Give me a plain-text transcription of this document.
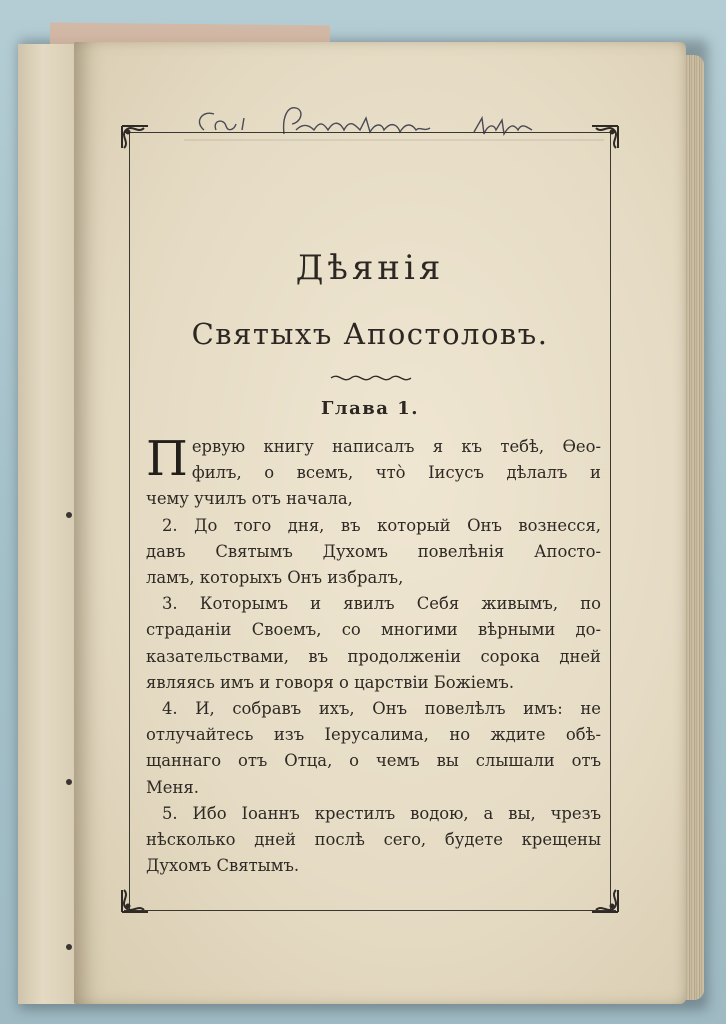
Дѣянія
Святыхъ Апостоловъ.
Глава 1.
П ервую книгу написалъ я къ тебѣ, Ѳеo-

филъ, о всемъ, что̀ Іисусъ дѣлалъ и

чему училъ отъ начала,

2. До того дня, въ который Онъ вознесся,

давъ Святымъ Духомъ повелѣнія Апосто-

ламъ, которыхъ Онъ избралъ,

3. Которымъ и явилъ Себя живымъ, по

страданіи Своемъ, со многими вѣрными до-

казательствами, въ продолженіи сорока дней

являясь имъ и говоря о царствіи Божіемъ.

4. И, собравъ ихъ, Онъ повелѣлъ имъ: не

отлучайтесь изъ Іерусалима, но ждите обѣ-

щаннаго отъ Отца, о чемъ вы слышали отъ

Меня.

5. Ибо Іоаннъ крестилъ водою, а вы, чрезъ

нѣсколько дней послѣ сего, будете крещены

Духомъ Святымъ.
